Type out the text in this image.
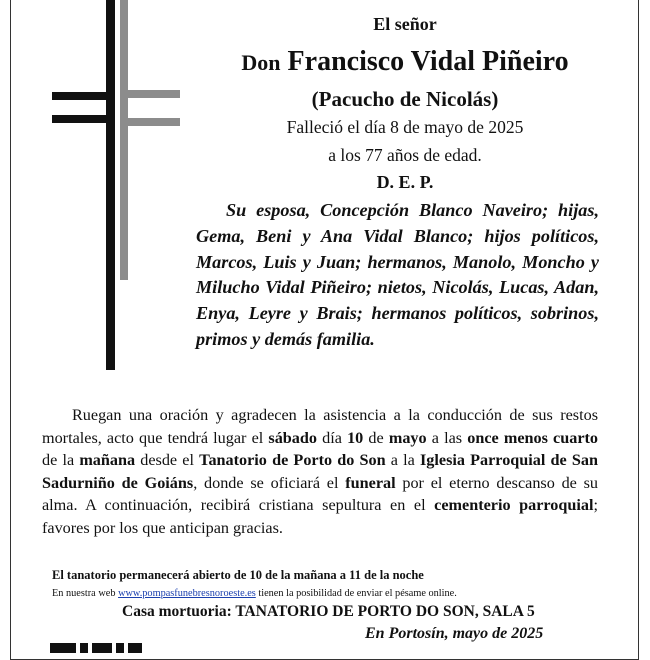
El señor
Don Francisco Vidal Piñeiro
(Pacucho de Nicolás)
Falleció el día 8 de mayo de 2025
a los 77 años de edad.
D. E. P.
Su esposa, Concepción Blanco Naveiro; hijas, Gema, Beni y Ana Vidal Blanco; hijos políticos, Marcos, Luis y Juan; hermanos, Manolo, Moncho y Milucho Vidal Piñeiro; nietos, Nicolás, Lucas, Adan, Enya, Leyre y Brais; hermanos políticos, sobrinos, primos y demás familia.
Ruegan una oración y agradecen la asistencia a la conducción de sus restos mortales, acto que tendrá lugar el sábado día 10 de mayo a las once menos cuarto de la mañana desde el Tanatorio de Porto do Son a la Iglesia Parroquial de San Sadurniño de Goiáns, donde se oficiará el funeral por el eterno descanso de su alma. A continuación, recibirá cristiana sepultura en el cementerio parroquial; favores por los que anticipan gracias.
El tanatorio permanecerá abierto de 10 de la mañana a 11 de la noche
En nuestra web www.pompasfunebresnoroeste.es tienen la posibilidad de enviar el pésame online.
Casa mortuoria: TANATORIO DE PORTO DO SON, SALA 5
En Portosín, mayo de 2025
